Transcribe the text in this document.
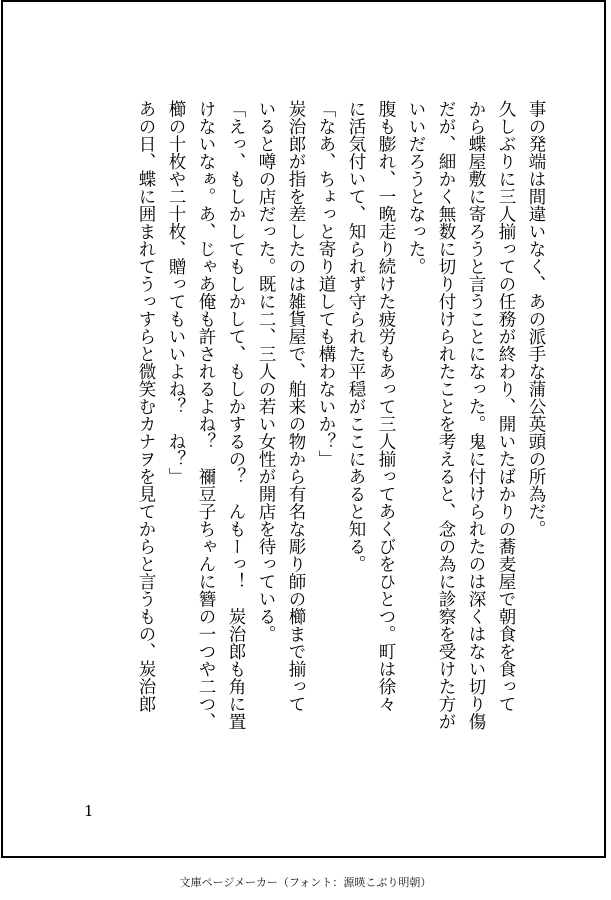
事の発端は間違いなく、あの派手な蒲公英頭の所為だ。

久しぶりに三人揃っての任務が終わり、開いたばかりの蕎麦屋で朝食を食って

から蝶屋敷に寄ろうと言うことになった。鬼に付けられたのは深くはない切り傷

だが、細かく無数に切り付けられたことを考えると、念の為に診察を受けた方が

いいだろうとなった。

腹も膨れ、一晩走り続けた疲労もあって三人揃ってあくびをひとつ。町は徐々

に活気付いて、知られず守られた平穏がここにあると知る。

「なあ、ちょっと寄り道しても構わないか？」

炭治郎が指を差したのは雑貨屋で、舶来の物から有名な彫り師の櫛まで揃って

いると噂の店だった。既に二、三人の若い女性が開店を待っている。

「えっ、もしかしてもしかして、もしかするの？　んもーっ！　炭治郎も角に置

けないなぁ。あ、じゃあ俺も許されるよね？　禰豆子ちゃんに簪の一つや二つ、

櫛の十枚や二十枚、贈ってもいいよね？　ね？」

あの日、蝶に囲まれてうっすらと微笑むカナヲを見てからと言うもの、炭治郎

1
文庫ページメーカー（フォント：源暎こぶり明朝）
